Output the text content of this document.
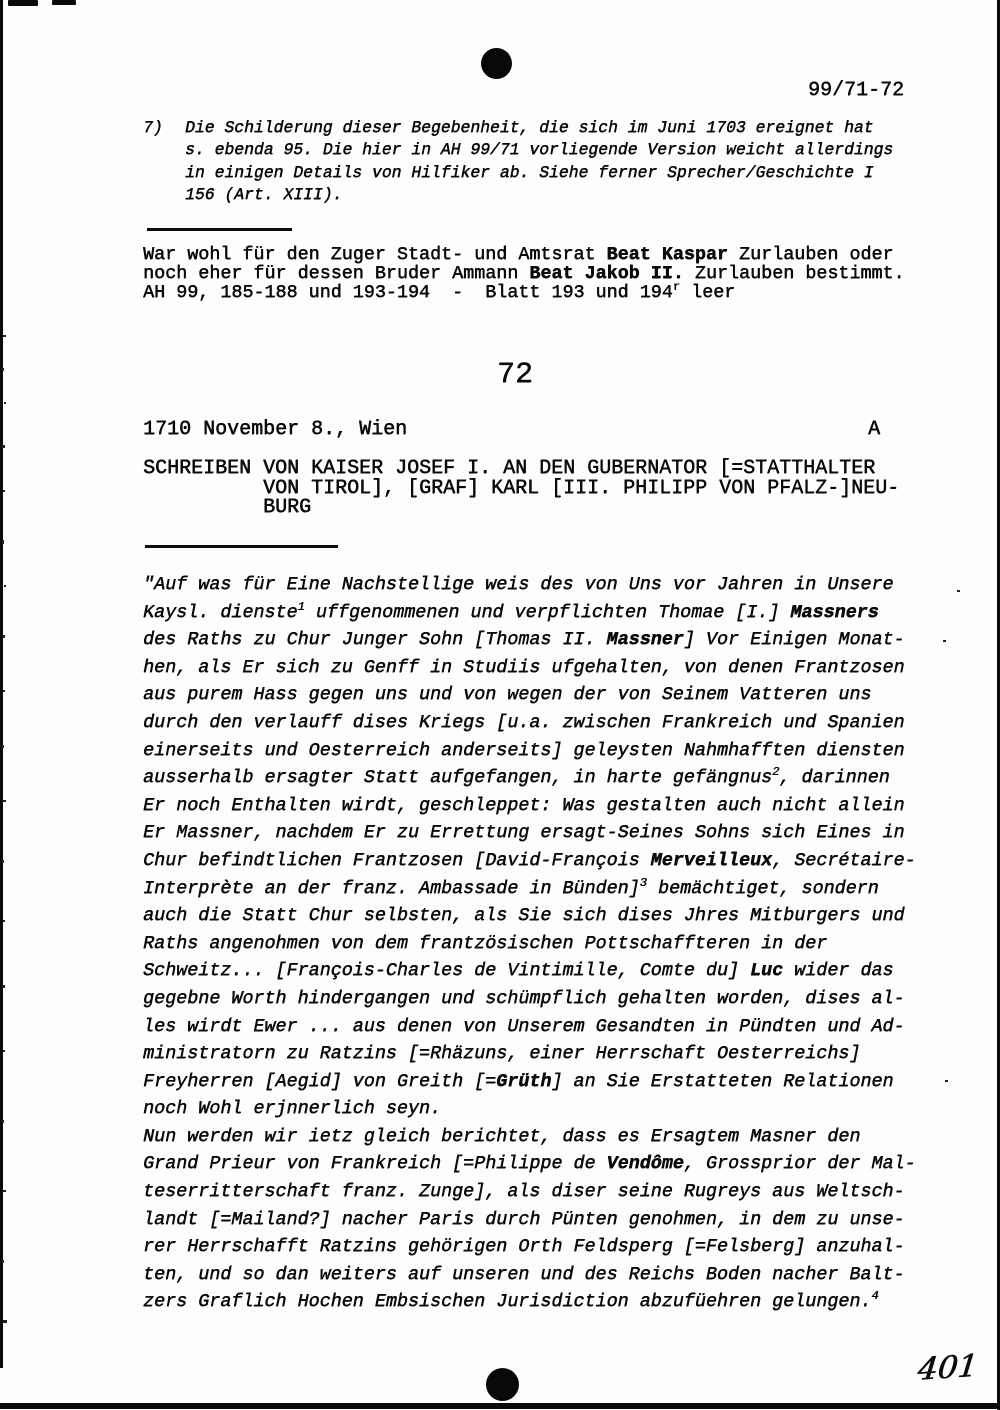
99/71-72
7) Die Schilderung dieser Begebenheit, die sich im Juni 1703 ereignet hat
s. ebenda 95. Die hier in AH 99/71 vorliegende Version weicht allerdings
in einigen Details von Hilfiker ab. Siehe ferner Sprecher/Geschichte I
156 (Art. XIII).
War wohl für den Zuger Stadt- und Amtsrat Beat Kaspar Zurlauben oder
noch eher für dessen Bruder Ammann Beat Jakob II. Zurlauben bestimmt.
AH 99, 185-188 und 193-194  -  Blatt 193 und 194$^r$ leer
72
1710 November 8., Wien	A
SCHREIBEN VON KAISER JOSEF I. AN DEN GUBERNATOR [=STATTHALTER
VON TIROL], [GRAF] KARL [III. PHILIPP VON PFALZ-]NEU-
BURG
"Auf was für Eine Nachstellige weis des von Uns vor Jahren in Unsere
Kaysl. dienste$^1$ uffgenommenen und verpflichten Thomae [I.] Massners
des Raths zu Chur Junger Sohn [Thomas II. Massner] Vor Einigen Monat-
hen, als Er sich zu Genff in Studiis ufgehalten, von denen Frantzosen
aus purem Hass gegen uns und von wegen der von Seinem Vatteren uns
durch den verlauff dises Kriegs [u.a. zwischen Frankreich und Spanien
einerseits und Oesterreich anderseits] geleysten Nahmhafften diensten
ausserhalb ersagter Statt aufgefangen, in harte gefängnus$^2$, darinnen
Er noch Enthalten wirdt, geschleppet: Was gestalten auch nicht allein
Er Massner, nachdem Er zu Errettung ersagt-Seines Sohns sich Eines in
Chur befindtlichen Frantzosen [David-François Merveilleux, Secrétaire-
Interprète an der franz. Ambassade in Bünden]$^3$ bemächtiget, sondern
auch die Statt Chur selbsten, als Sie sich dises Jhres Mitburgers und
Raths angenohmen von dem frantzösischen Pottschaffteren in der
Schweitz... [François-Charles de Vintimille, Comte du] Luc wider das
gegebne Worth hindergangen und schümpflich gehalten worden, dises al-
les wirdt Ewer ... aus denen von Unserem Gesandten in Pündten und Ad-
ministratorn zu Ratzins [=Rhäzuns, einer Herrschaft Oesterreichs]
Freyherren [Aegid] von Greith [=Grüth] an Sie Erstatteten Relationen
noch Wohl erjnnerlich seyn.
Nun werden wir ietz gleich berichtet, dass es Ersagtem Masner den
Grand Prieur von Frankreich [=Philippe de Vendôme, Grossprior der Mal-
teserritterschaft franz. Zunge], als diser seine Rugreys aus Weltsch-
landt [=Mailand?] nacher Paris durch Pünten genohmen, in dem zu unse-
rer Herrschafft Ratzins gehörigen Orth Feldsperg [=Felsberg] anzuhal-
ten, und so dan weiters auf unseren und des Reichs Boden nacher Balt-
zers Graflich Hochen Embsischen Jurisdiction abzufüehren gelungen.$^4$
401
